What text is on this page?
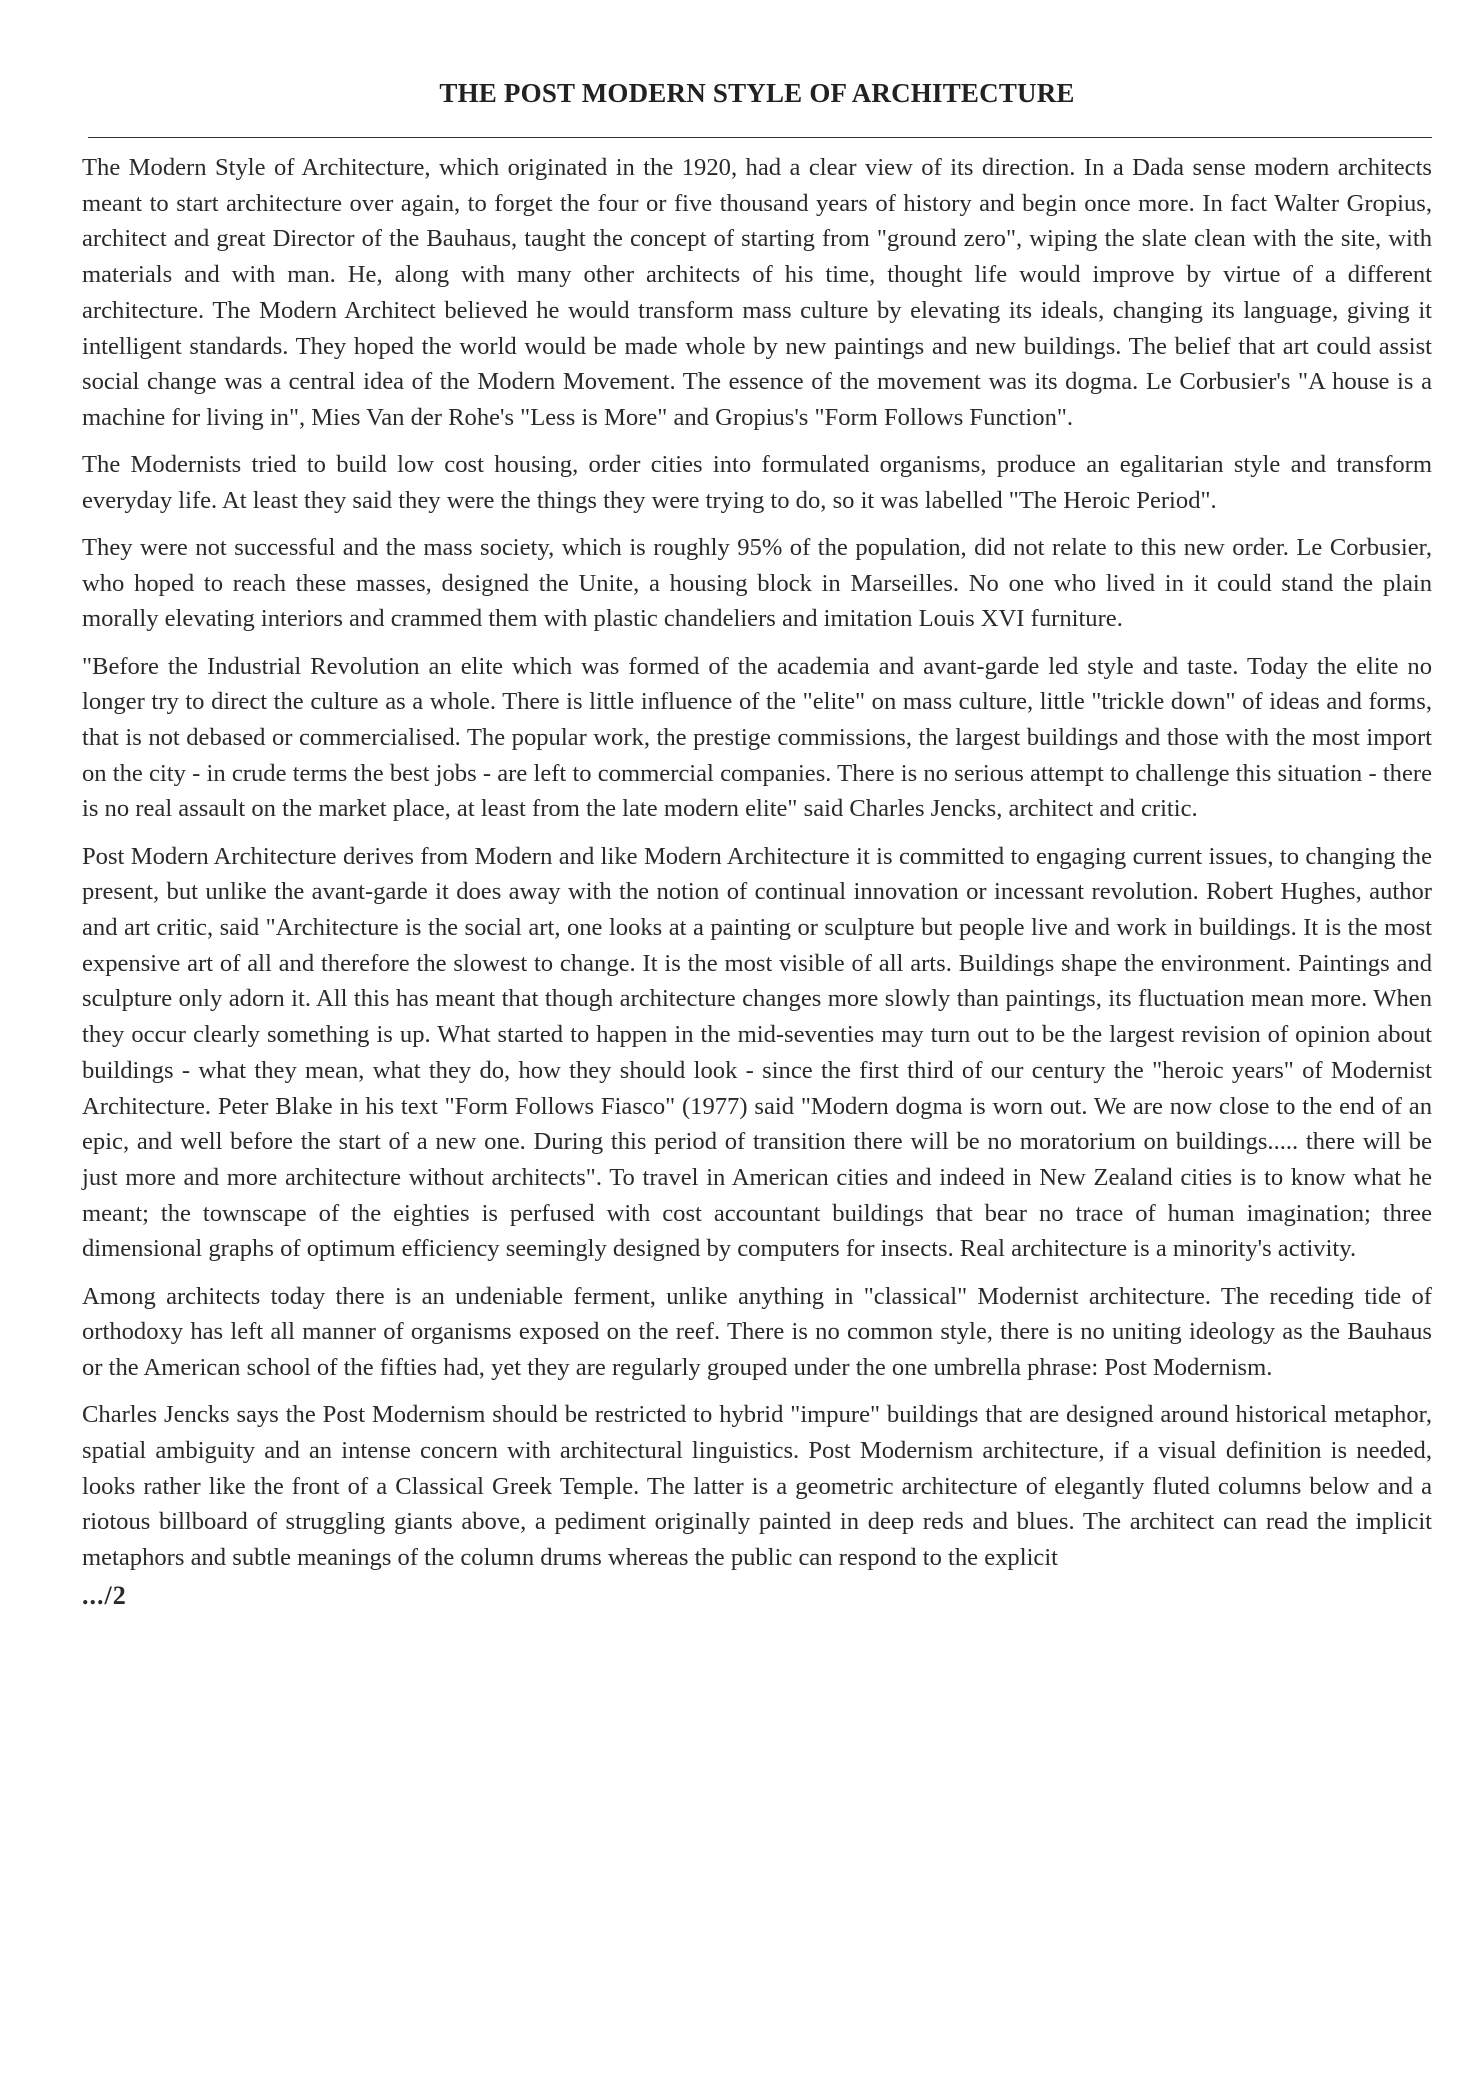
THE POST MODERN STYLE OF ARCHITECTURE

The Modern Style of Architecture, which originated in the 1920, had a clear view of its direction. In a Dada sense modern architects meant to start architecture over again, to forget the four or five thousand years of history and begin once more. In fact Walter Gropius, architect and great Director of the Bauhaus, taught the concept of starting from "ground zero", wiping the slate clean with the site, with materials and with man. He, along with many other architects of his time, thought life would improve by virtue of a different architecture. The Modern Architect believed he would transform mass culture by elevating its ideals, changing its language, giving it intelligent standards. They hoped the world would be made whole by new paintings and new buildings. The belief that art could assist social change was a central idea of the Modern Movement. The essence of the movement was its dogma. Le Corbusier's "A house is a machine for living in", Mies Van der Rohe's "Less is More" and Gropius's "Form Follows Function".

The Modernists tried to build low cost housing, order cities into formulated organisms, produce an egalitarian style and transform everyday life. At least they said they were the things they were trying to do, so it was labelled "The Heroic Period".

They were not successful and the mass society, which is roughly 95% of the population, did not relate to this new order. Le Corbusier, who hoped to reach these masses, designed the Unite, a housing block in Marseilles. No one who lived in it could stand the plain morally elevating interiors and crammed them with plastic chandeliers and imitation Louis XVI furniture.

"Before the Industrial Revolution an elite which was formed of the academia and avant-garde led style and taste. Today the elite no longer try to direct the culture as a whole. There is little influence of the "elite" on mass culture, little "trickle down" of ideas and forms, that is not debased or commercialised. The popular work, the prestige commissions, the largest buildings and those with the most import on the city - in crude terms the best jobs - are left to commercial companies. There is no serious attempt to challenge this situation - there is no real assault on the market place, at least from the late modern elite" said Charles Jencks, architect and critic.

Post Modern Architecture derives from Modern and like Modern Architecture it is committed to engaging current issues, to changing the present, but unlike the avant-garde it does away with the notion of continual innovation or incessant revolution. Robert Hughes, author and art critic, said "Architecture is the social art, one looks at a painting or sculpture but people live and work in buildings. It is the most expensive art of all and therefore the slowest to change. It is the most visible of all arts. Buildings shape the environment. Paintings and sculpture only adorn it. All this has meant that though architecture changes more slowly than paintings, its fluctuation mean more. When they occur clearly something is up. What started to happen in the mid-seventies may turn out to be the largest revision of opinion about buildings - what they mean, what they do, how they should look - since the first third of our century the "heroic years" of Modernist Architecture. Peter Blake in his text "Form Follows Fiasco" (1977) said "Modern dogma is worn out. We are now close to the end of an epic, and well before the start of a new one. During this period of transition there will be no moratorium on buildings..... there will be just more and more architecture without architects". To travel in American cities and indeed in New Zealand cities is to know what he meant; the townscape of the eighties is perfused with cost accountant buildings that bear no trace of human imagination; three dimensional graphs of optimum efficiency seemingly designed by computers for insects. Real architecture is a minority's activity.

Among architects today there is an undeniable ferment, unlike anything in "classical" Modernist architecture. The receding tide of orthodoxy has left all manner of organisms exposed on the reef. There is no common style, there is no uniting ideology as the Bauhaus or the American school of the fifties had, yet they are regularly grouped under the one umbrella phrase: Post Modernism.

Charles Jencks says the Post Modernism should be restricted to hybrid "impure" buildings that are designed around historical metaphor, spatial ambiguity and an intense concern with architectural linguistics. Post Modernism architecture, if a visual definition is needed, looks rather like the front of a Classical Greek Temple. The latter is a geometric architecture of elegantly fluted columns below and a riotous billboard of struggling giants above, a pediment originally painted in deep reds and blues. The architect can read the implicit metaphors and subtle meanings of the column drums whereas the public can respond to the explicit

.../2
